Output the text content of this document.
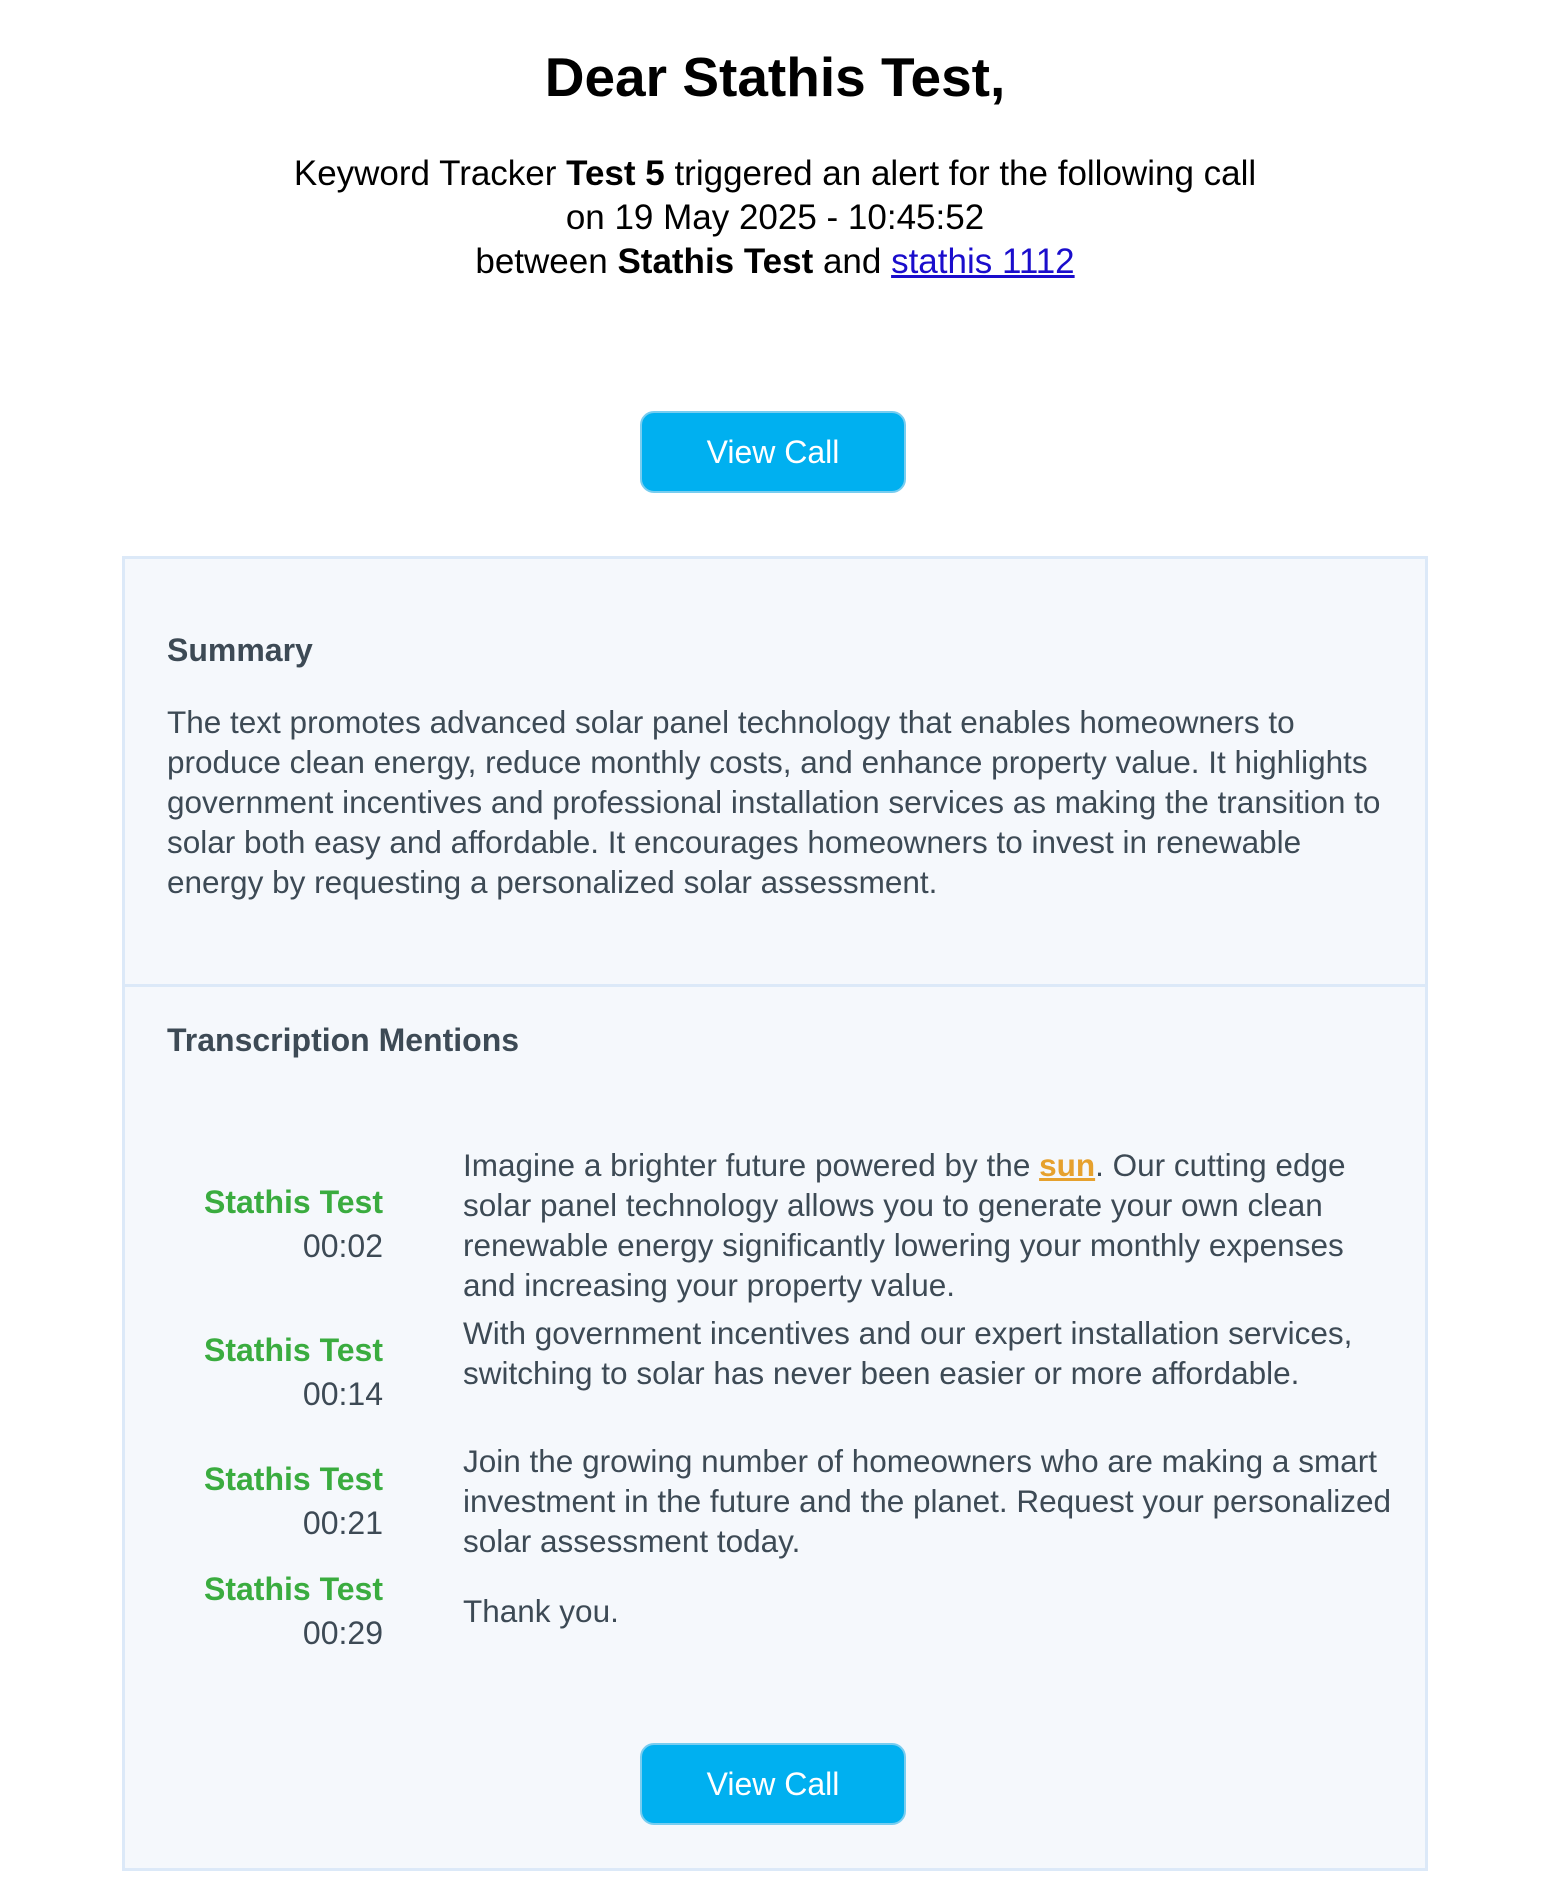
Dear Stathis Test,
Keyword Tracker Test 5 triggered an alert for the following call
on 19 May 2025 - 10:45:52
between Stathis Test and stathis 1112
View Call
Summary
The text promotes advanced solar panel technology that enables homeowners to produce clean energy, reduce monthly costs, and enhance property value. It highlights government incentives and professional installation services as making the transition to solar both easy and affordable. It encourages homeowners to invest in renewable energy by requesting a personalized solar assessment.
Transcription Mentions
Stathis Test
00:02
Imagine a brighter future powered by the sun. Our cutting edge solar panel technology allows you to generate your own clean renewable energy significantly lowering your monthly expenses and increasing your property value.
Stathis Test
00:14
With government incentives and our expert installation services, switching to solar has never been easier or more affordable.
Stathis Test
00:21
Join the growing number of homeowners who are making a smart investment in the future and the planet. Request your personalized solar assessment today.
Stathis Test
00:29
Thank you.
View Call
